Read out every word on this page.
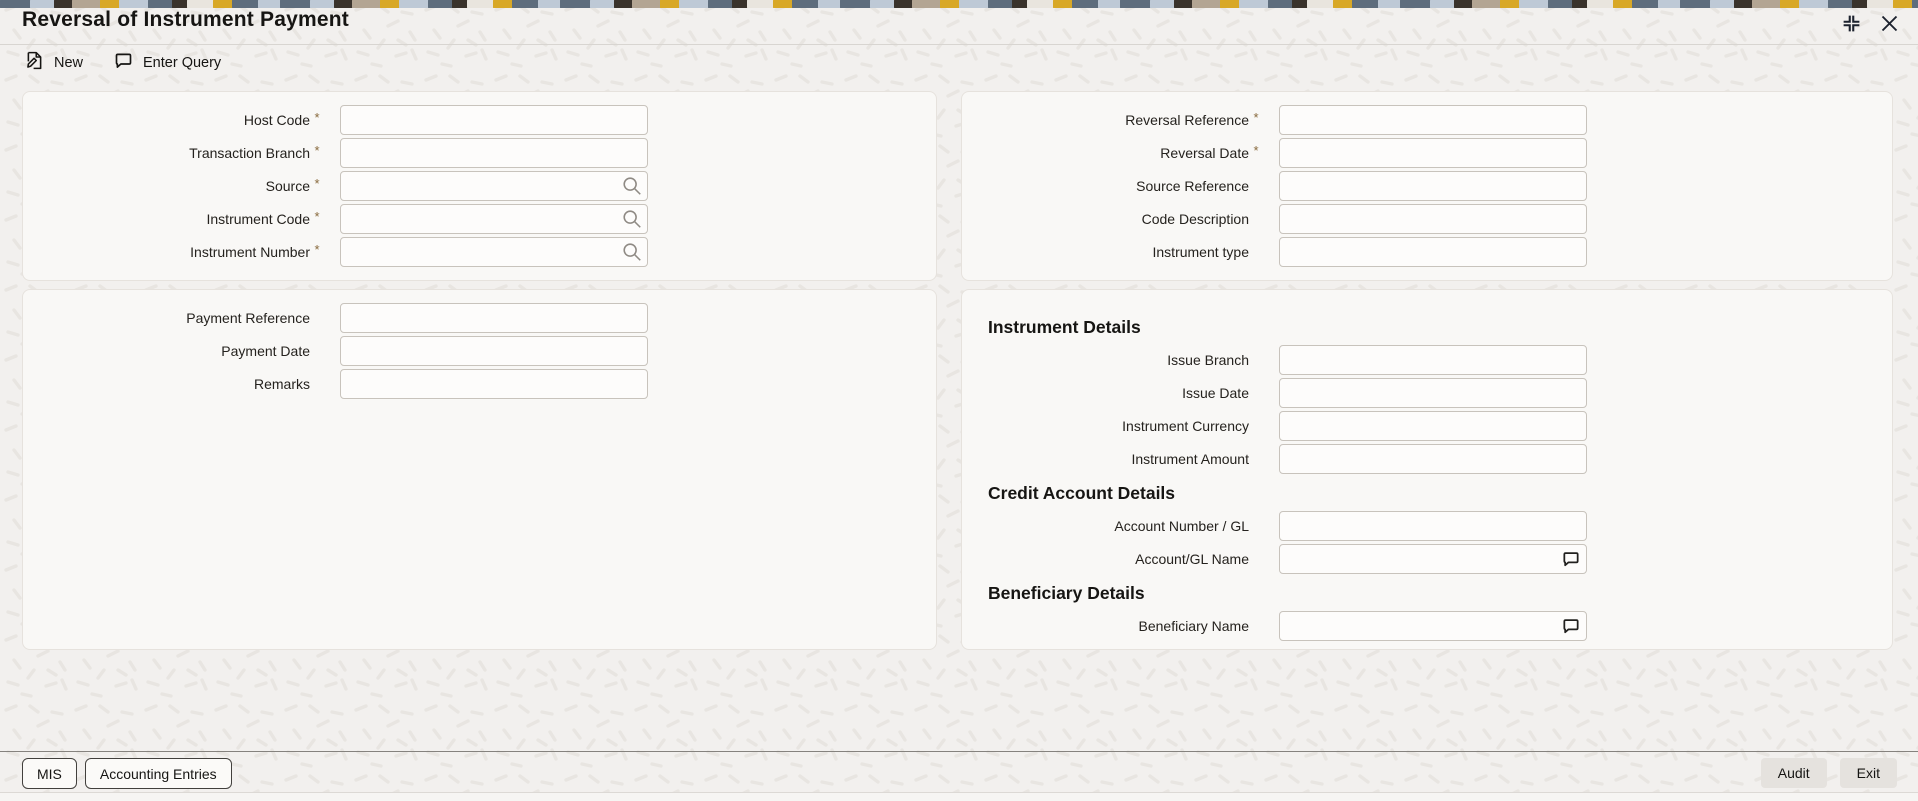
Reversal of Instrument Payment
New	Enter Query
Host Code *
Transaction Branch *
Source *
Instrument Code *
Instrument Number *
Reversal Reference *
Reversal Date *
Source Reference
Code Description
Instrument type
Payment Reference
Payment Date
Remarks
Instrument Details
Issue Branch
Issue Date
Instrument Currency
Instrument Amount
Credit Account Details
Account Number / GL
Account/GL Name
Beneficiary Details
Beneficiary Name
MIS	Accounting Entries	Audit	Exit
